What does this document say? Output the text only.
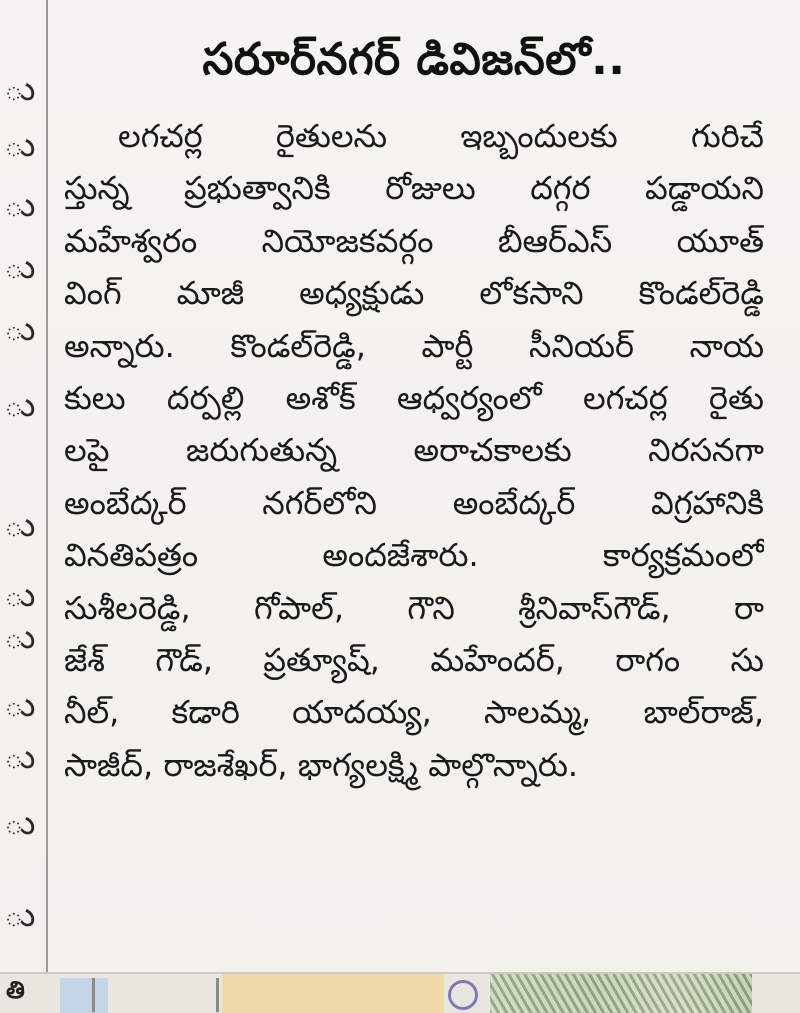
ు
ు
ు
ు
ు
ు
ు
ు
ు
ు
ు
ు
ు
సరూర్‌నగర్ డివిజన్‌లో..
లగచర్ల రైతులను ఇబ్బందులకు గురిచే
స్తున్న ప్రభుత్వానికి రోజులు దగ్గర పడ్డాయని
మహేశ్వరం నియోజకవర్గం బీఆర్ఎస్ యూత్
వింగ్ మాజీ అధ్యక్షుడు లోకసాని కొండల్‌రెడ్డి
అన్నారు. కొండల్‌రెడ్డి, పార్టీ సీనియర్ నాయ
కులు దర్పల్లి అశోక్ ఆధ్వర్యంలో లగచర్ల రైతు
లపై జరుగుతున్న అరాచకాలకు నిరసనగా
అంబేద్కర్ నగర్‌లోని అంబేద్కర్ విగ్రహానికి
వినతిపత్రం అందజేశారు. కార్యక్రమంలో
సుశీలరెడ్డి, గోపాల్, గౌని శ్రీనివాస్‌గౌడ్, రా
జేశ్ గౌడ్, ప్రత్యూష్, మహేందర్, రాగం సు
నీల్, కడారి యాదయ్య, సాలమ్మ, బాల్‌రాజ్,
సాజీద్, రాజశేఖర్, భాగ్యలక్ష్మి పాల్గొన్నారు.
తి
